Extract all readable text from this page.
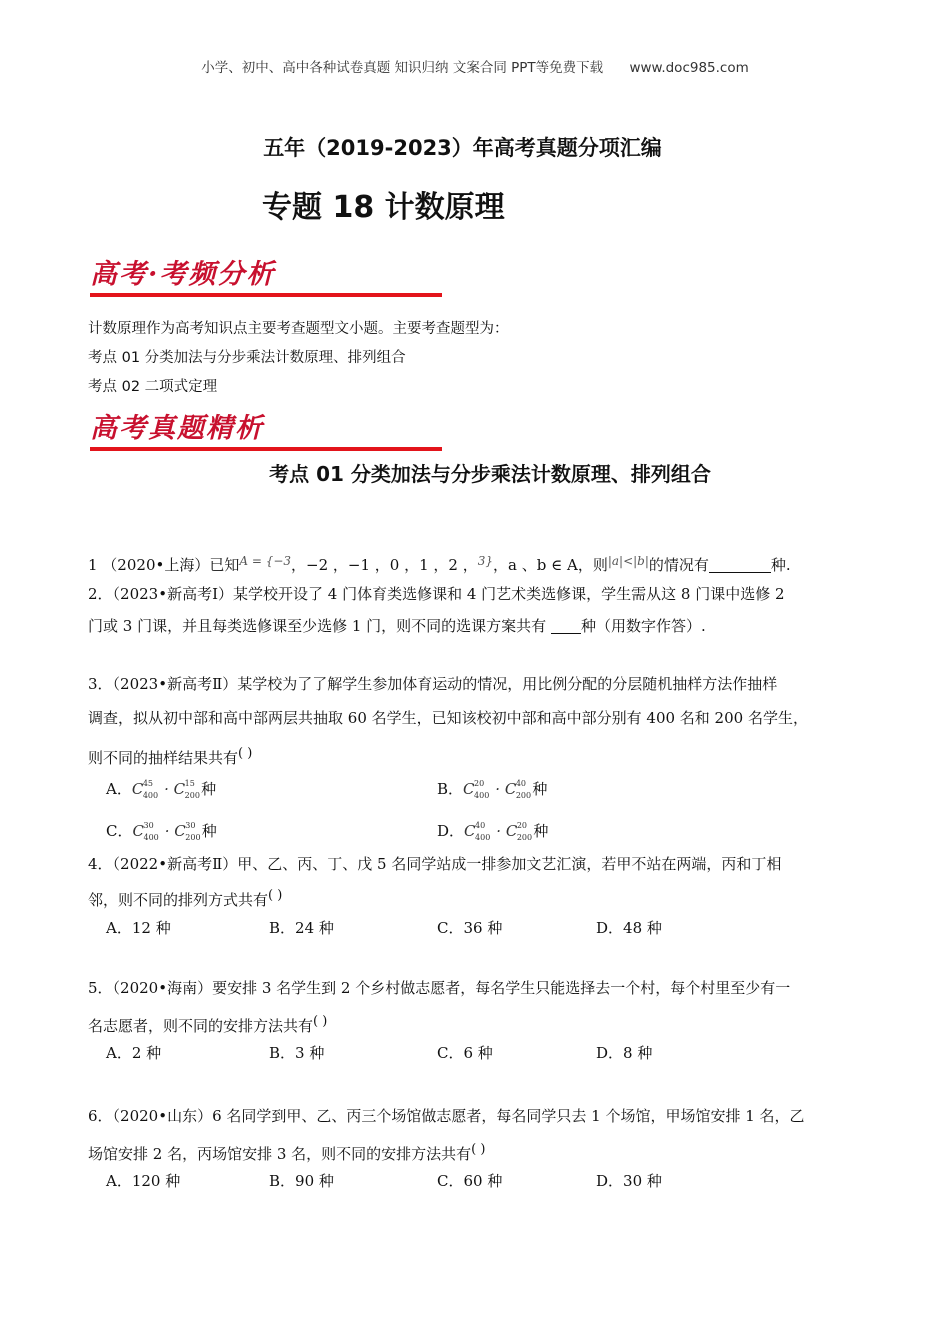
小学、初中、高中各种试卷真题 知识归纳 文案合同 PPT等免费下载 www.doc985.com
五年（2019-2023）年高考真题分项汇编
专题 18 计数原理
高考·考频分析
计数原理作为高考知识点主要考查题型文小题。主要考查题型为：
考点 01 分类加法与分步乘法计数原理、排列组合
考点 02 二项式定理
高考真题精析
考点 01 分类加法与分步乘法计数原理、排列组合
1 （2020•上海）已知$^{A = \{-3}$，−2 ，−1 ，0 ，1 ，2 ，$^{3\}}$，a 、b ∈ A，则$^{|a|<|b|}$的情况有	种.
2．（2023•新高考Ⅰ）某学校开设了 4 门体育类选修课和 4 门艺术类选修课，学生需从这 8 门课中选修 2
门或 3 门课，并且每类选修课至少选修 1 门，则不同的选课方案共有 种（用数字作答）.
3．（2023•新高考Ⅱ）某学校为了了解学生参加体育运动的情况，用比例分配的分层随机抽样方法作抽样
调查，拟从初中部和高中部两层共抽取 60 名学生，已知该校初中部和高中部分别有 400 名和 200 名学生，
则不同的抽样结果共有( )
A．C 45
400 · C 15
200 种	B．C 20
400 · C 40
200 种
C．C 30
400 · C 30
200 种	D．C 40
400 · C 20
200 种
4．（2022•新高考Ⅱ）甲、乙、丙、丁、戊 5 名同学站成一排参加文艺汇演，若甲不站在两端，丙和丁相
邻，则不同的排列方式共有( )
A．12 种	B．24 种	C．36 种	D．48 种
5．（2020•海南）要安排 3 名学生到 2 个乡村做志愿者，每名学生只能选择去一个村，每个村里至少有一
名志愿者，则不同的安排方法共有( )
A．2 种	B．3 种	C．6 种	D．8 种
6．（2020•山东）6 名同学到甲、乙、丙三个场馆做志愿者，每名同学只去 1 个场馆，甲场馆安排 1 名，乙
场馆安排 2 名，丙场馆安排 3 名，则不同的安排方法共有( )
A．120 种	B．90 种	C．60 种	D．30 种
